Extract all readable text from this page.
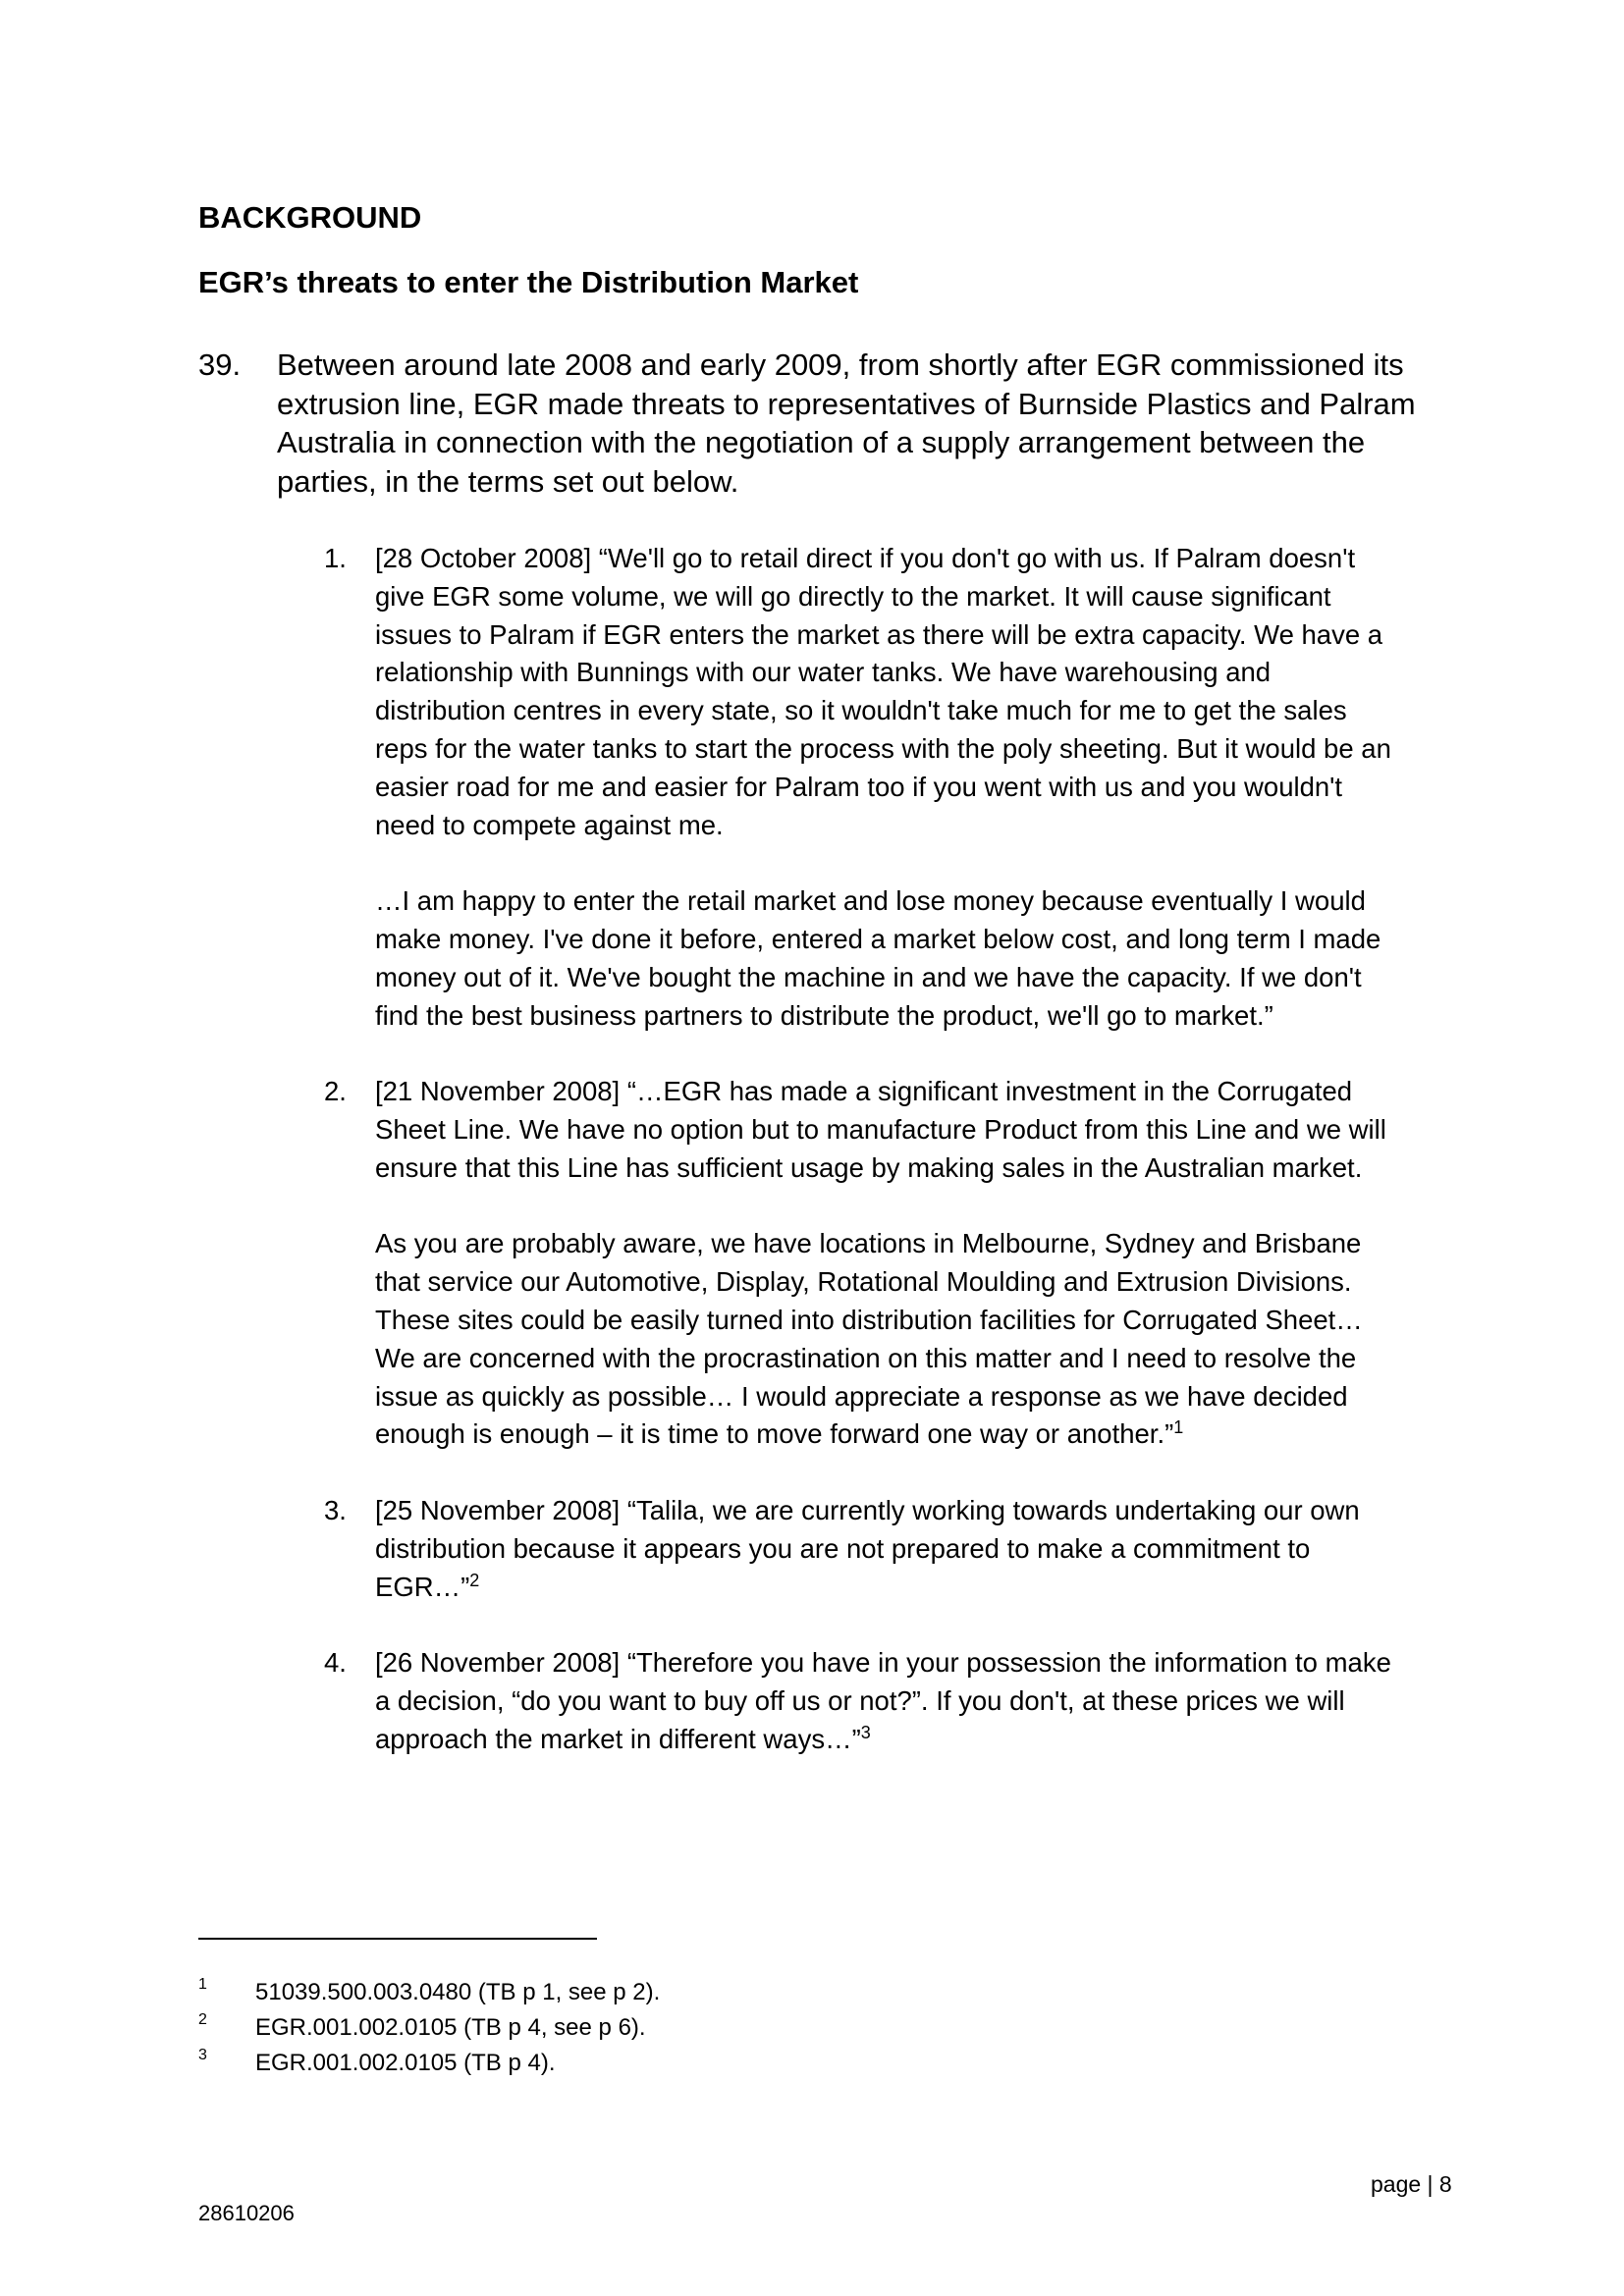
BACKGROUND
EGR’s threats to enter the Distribution Market
39. Between around late 2008 and early 2009, from shortly after EGR commissioned its extrusion line, EGR made threats to representatives of Burnside Plastics and Palram Australia in connection with the negotiation of a supply arrangement between the parties, in the terms set out below.
1. [28 October 2008] “We'll go to retail direct if you don't go with us. If Palram doesn't give EGR some volume, we will go directly to the market. It will cause significant issues to Palram if EGR enters the market as there will be extra capacity. We have a relationship with Bunnings with our water tanks. We have warehousing and distribution centres in every state, so it wouldn't take much for me to get the sales reps for the water tanks to start the process with the poly sheeting. But it would be an easier road for me and easier for Palram too if you went with us and you wouldn't need to compete against me.

…I am happy to enter the retail market and lose money because eventually I would make money. I've done it before, entered a market below cost, and long term I made money out of it. We've bought the machine in and we have the capacity. If we don't find the best business partners to distribute the product, we'll go to market.”

2. [21 November 2008] “…EGR has made a significant investment in the Corrugated Sheet Line. We have no option but to manufacture Product from this Line and we will ensure that this Line has sufficient usage by making sales in the Australian market.

As you are probably aware, we have locations in Melbourne, Sydney and Brisbane that service our Automotive, Display, Rotational Moulding and Extrusion Divisions. These sites could be easily turned into distribution facilities for Corrugated Sheet… We are concerned with the procrastination on this matter and I need to resolve the issue as quickly as possible… I would appreciate a response as we have decided enough is enough – it is time to move forward one way or another.”$^1$

3. [25 November 2008] “Talila, we are currently working towards undertaking our own distribution because it appears you are not prepared to make a commitment to EGR…”$^2$

4. [26 November 2008] “Therefore you have in your possession the information to make a decision, “do you want to buy off us or not?”. If you don't, at these prices we will approach the market in different ways…”$^3$

1 51039.500.003.0480 (TB p 1, see p 2).
2 EGR.001.002.0105 (TB p 4, see p 6).
3 EGR.001.002.0105 (TB p 4).
page | 8
28610206
